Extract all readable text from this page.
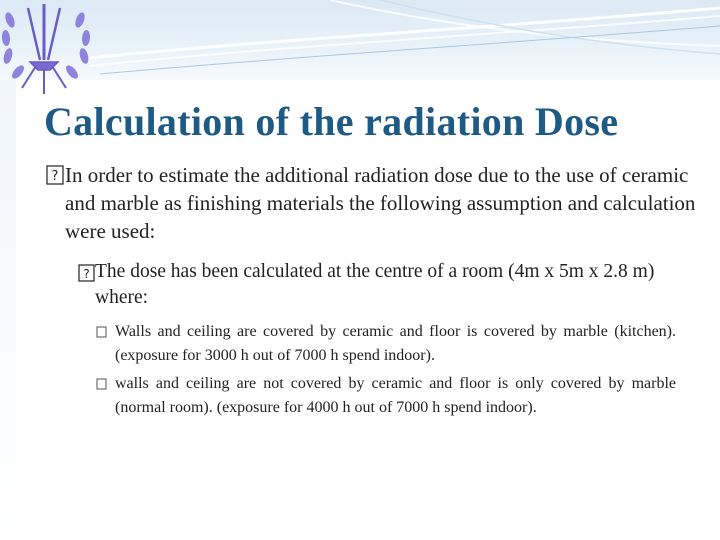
Calculation of the radiation Dose
? In order to estimate the additional radiation dose due to the use of ceramic and marble as finishing materials the following assumption and calculation were used:
? The dose has been calculated at the centre of a room (4m x 5m x 2.8 m) where:
Walls and ceiling are covered by ceramic and floor is covered by marble (kitchen). (exposure for 3000 h out of 7000 h spend indoor).
walls and ceiling are not covered by ceramic and floor is only covered by marble (normal room). (exposure for 4000 h out of 7000 h spend indoor).
